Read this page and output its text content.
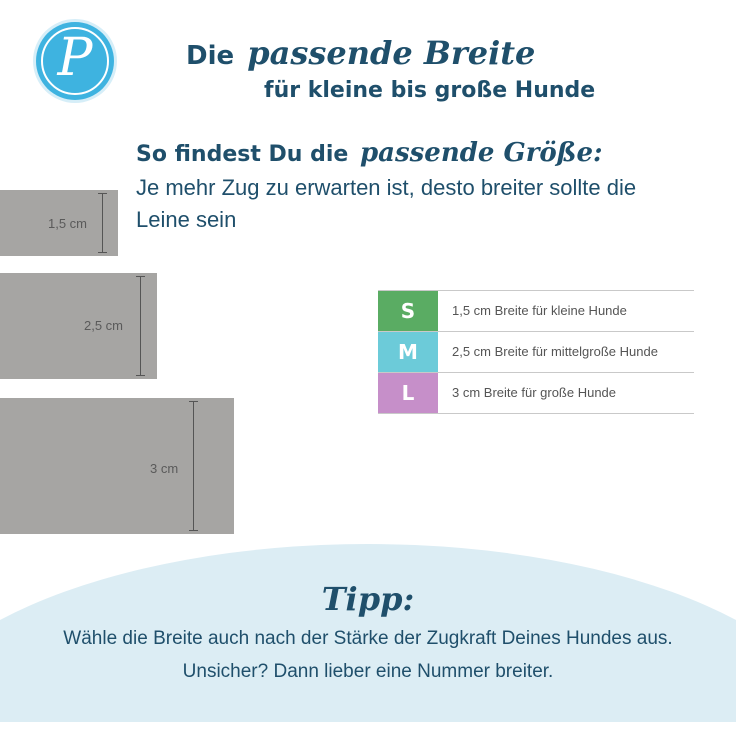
P	Die passende Breite
für kleine bis große Hunde
So findest Du die passende Größe:
Je mehr Zug zu erwarten ist, desto breiter sollte die Leine sein
1,5 cm
2,5 cm
3 cm
S	1,5 cm Breite für kleine Hunde
M	2,5 cm Breite für mittelgroße Hunde
L	3 cm Breite für große Hunde
Tipp:
Wähle die Breite auch nach der Stärke der Zugkraft Deines Hundes aus. Unsicher? Dann lieber eine Nummer breiter.
